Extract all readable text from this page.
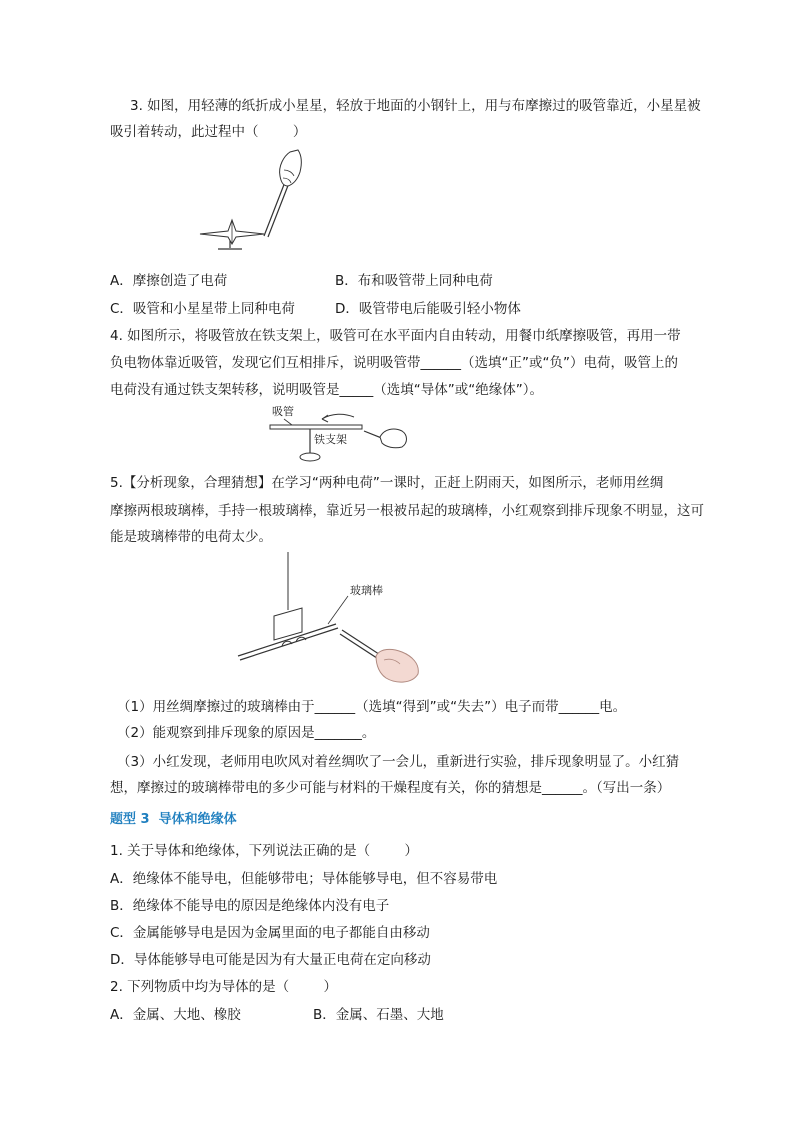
3. 如图，用轻薄的纸折成小星星，轻放于地面的小钢针上，用与布摩擦过的吸管靠近，小星星被
吸引着转动，此过程中（        ）
A．摩擦创造了电荷	B．布和吸管带上同种电荷
C．吸管和小星星带上同种电荷	D．吸管带电后能吸引轻小物体
4. 如图所示，将吸管放在铁支架上，吸管可在水平面内自由转动，用餐巾纸摩擦吸管，再用一带
负电物体靠近吸管，发现它们互相排斥，说明吸管带______（选填“正”或“负”）电荷，吸管上的
电荷没有通过铁支架转移，说明吸管是_____（选填“导体”或“绝缘体”）。
吸管
铁支架
5.【分析现象，合理猜想】在学习“两种电荷”一课时，正赶上阴雨天，如图所示，老师用丝绸
摩擦两根玻璃棒，手持一根玻璃棒，靠近另一根被吊起的玻璃棒，小红观察到排斥现象不明显，这可
能是玻璃棒带的电荷太少。
玻璃棒
（1）用丝绸摩擦过的玻璃棒由于______（选填“得到”或“失去”）电子而带______电。
（2）能观察到排斥现象的原因是_______。
（3）小红发现，老师用电吹风对着丝绸吹了一会儿，重新进行实验，排斥现象明显了。小红猜
想，摩擦过的玻璃棒带电的多少可能与材料的干燥程度有关，你的猜想是______。（写出一条）
题型 3  导体和绝缘体
1. 关于导体和绝缘体，下列说法正确的是（        ）
A．绝缘体不能导电，但能够带电；导体能够导电，但不容易带电
B．绝缘体不能导电的原因是绝缘体内没有电子
C．金属能够导电是因为金属里面的电子都能自由移动
D．导体能够导电可能是因为有大量正电荷在定向移动
2. 下列物质中均为导体的是（        ）
A．金属、大地、橡胶	B．金属、石墨、大地
